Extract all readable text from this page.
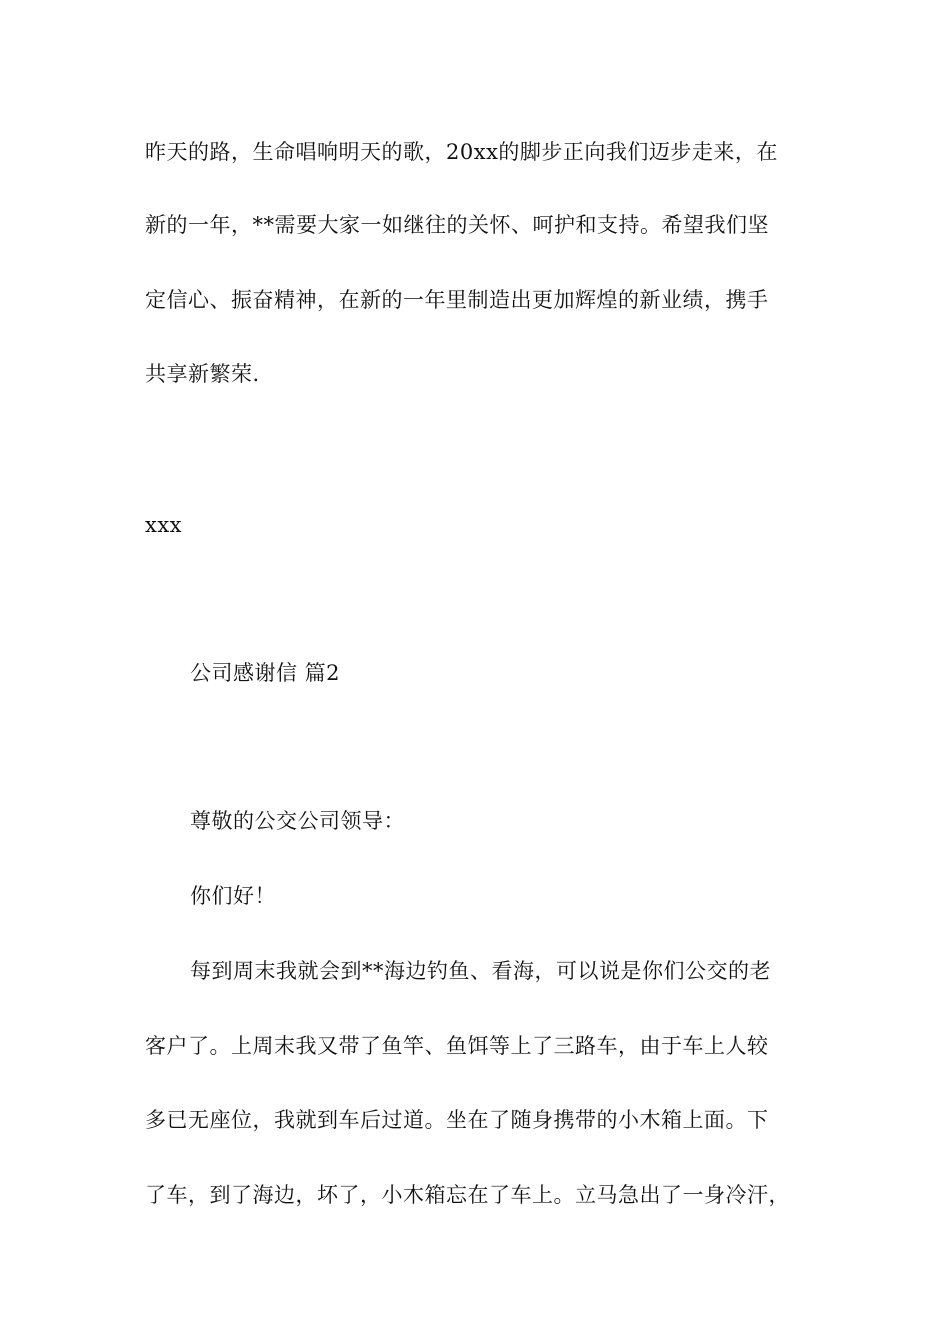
昨天的路，生命唱响明天的歌，20xx的脚步正向我们迈步走来，在
新的一年，**需要大家一如继往的关怀、呵护和支持。希望我们坚
定信心、振奋精神，在新的一年里制造出更加辉煌的新业绩，携手
共享新繁荣.
xxx
公司感谢信 篇2
尊敬的公交公司领导：
你们好！
每到周末我就会到**海边钓鱼、看海，可以说是你们公交的老
客户了。上周末我又带了鱼竿、鱼饵等上了三路车，由于车上人较
多已无座位，我就到车后过道。坐在了随身携带的小木箱上面。下
了车，到了海边，坏了，小木箱忘在了车上。立马急出了一身冷汗，
